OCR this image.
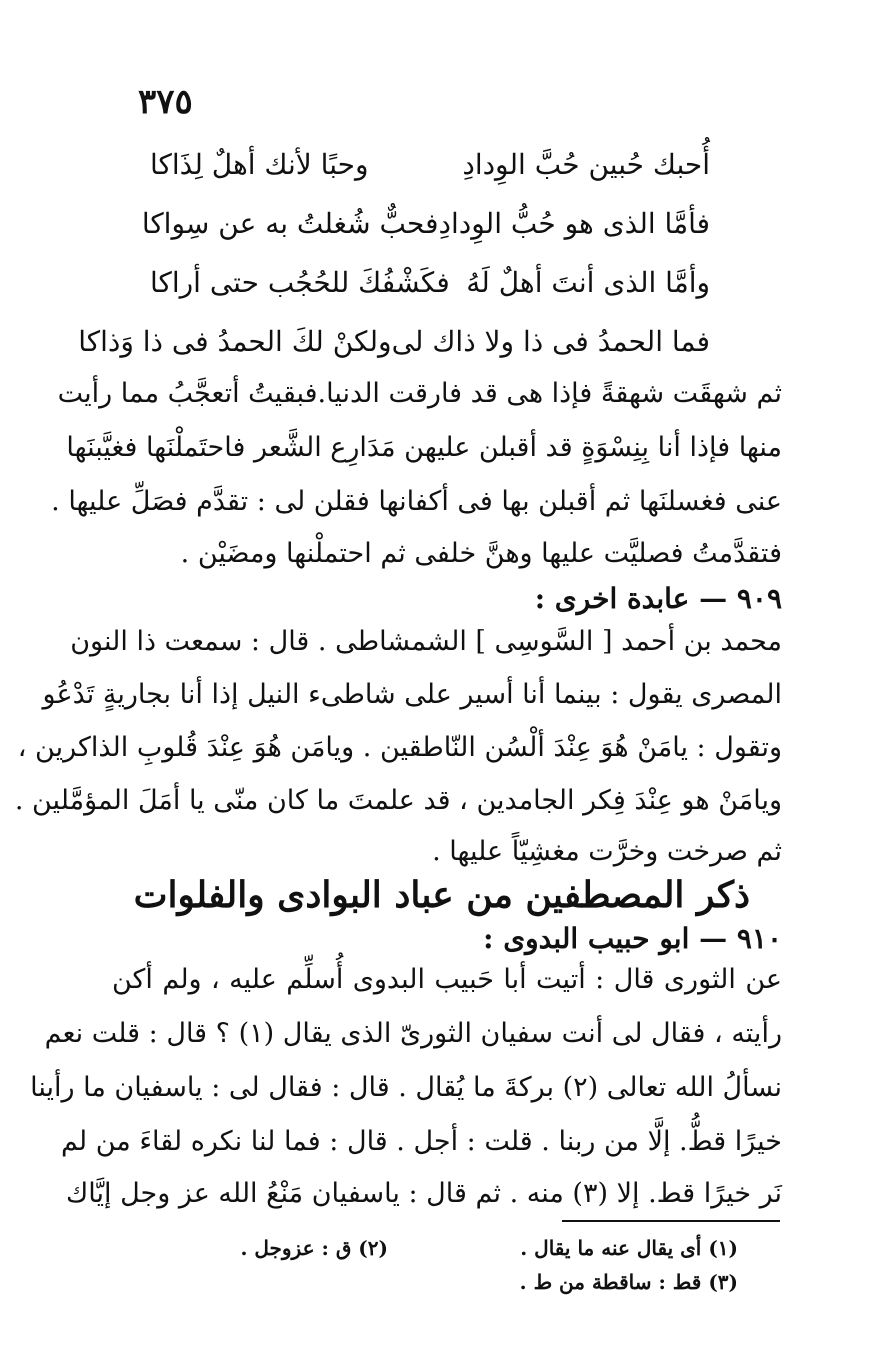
٣٧٥
أُحبك حُبين حُبَّ الوِدادِ
وحبًا لأنك أهلٌ لِذَاكا
فأمَّا الذى هو حُبُّ الوِدادِ
فحبٌّ شُغلتُ به عن سِواكا
وأمَّا الذى أنتَ أهلٌ لَهُ
فكَشْفُكَ للحُجُب حتى أراكا
فما الحمدُ فى ذا ولا ذاك لى
ولكنْ لكَ الحمدُ فى ذا وَذاكا
ثم شهقَت شهقةً فإذا هى قد فارقت الدنيا.فبقيتُ أتعجَّبُ مما رأيت
منها فإذا أنا بِنِسْوَةٍ قد أقبلن عليهن مَدَارِع الشَّعر فاحتَملْنَها فغيَّبنَها
عنى فغسلنَها ثم أقبلن بها فى أكفانها فقلن لى : تقدَّم فصَلِّ عليها .
فتقدَّمتُ فصليَّت عليها وهنَّ خلفى ثم احتملْنها ومضَيْن .
٩٠٩ — عابدة اخرى :
محمد بن أحمد [ السَّوسِى ] الشمشاطى . قال : سمعت ذا النون
المصرى يقول : بينما أنا أسير على شاطىء النيل إذا أنا بجاريةٍ تَدْعُو
وتقول : يامَنْ هُوَ عِنْدَ ألْسُن النّاطقين . ويامَن هُوَ عِنْدَ قُلوبِ الذاكرين ،
ويامَنْ هو عِنْدَ فِكر الجامدين ، قد علمتَ ما كان منّى يا أمَلَ المؤمَّلين .
ثم صرخت وخرَّت مغشِيّاً عليها .
ذكر المصطفين من عباد البوادى والفلوات
٩١٠ — ابو حبيب البدوى :
عن الثورى قال : أتيت أبا حَبيب البدوى أُسلِّم عليه ، ولم أكن
رأيته ، فقال لى أنت سفيان الثورىّ الذى يقال (١) ؟ قال : قلت نعم
نسألُ الله تعالى (٢) بركةَ ما يُقال . قال : فقال لى : ياسفيان ما رأينا
خيرًا قطُّ. إلَّا من ربنا . قلت : أجل . قال : فما لنا نكره لقاءَ من لم
نَر خيرًا قط. إلا (٣) منه . ثم قال : ياسفيان مَنْعُ الله عز وجل إيَّاك
(١) أى يقال عنه ما يقال .
(٢) ق : عزوجل .
(٣) قط : ساقطة من ط .
